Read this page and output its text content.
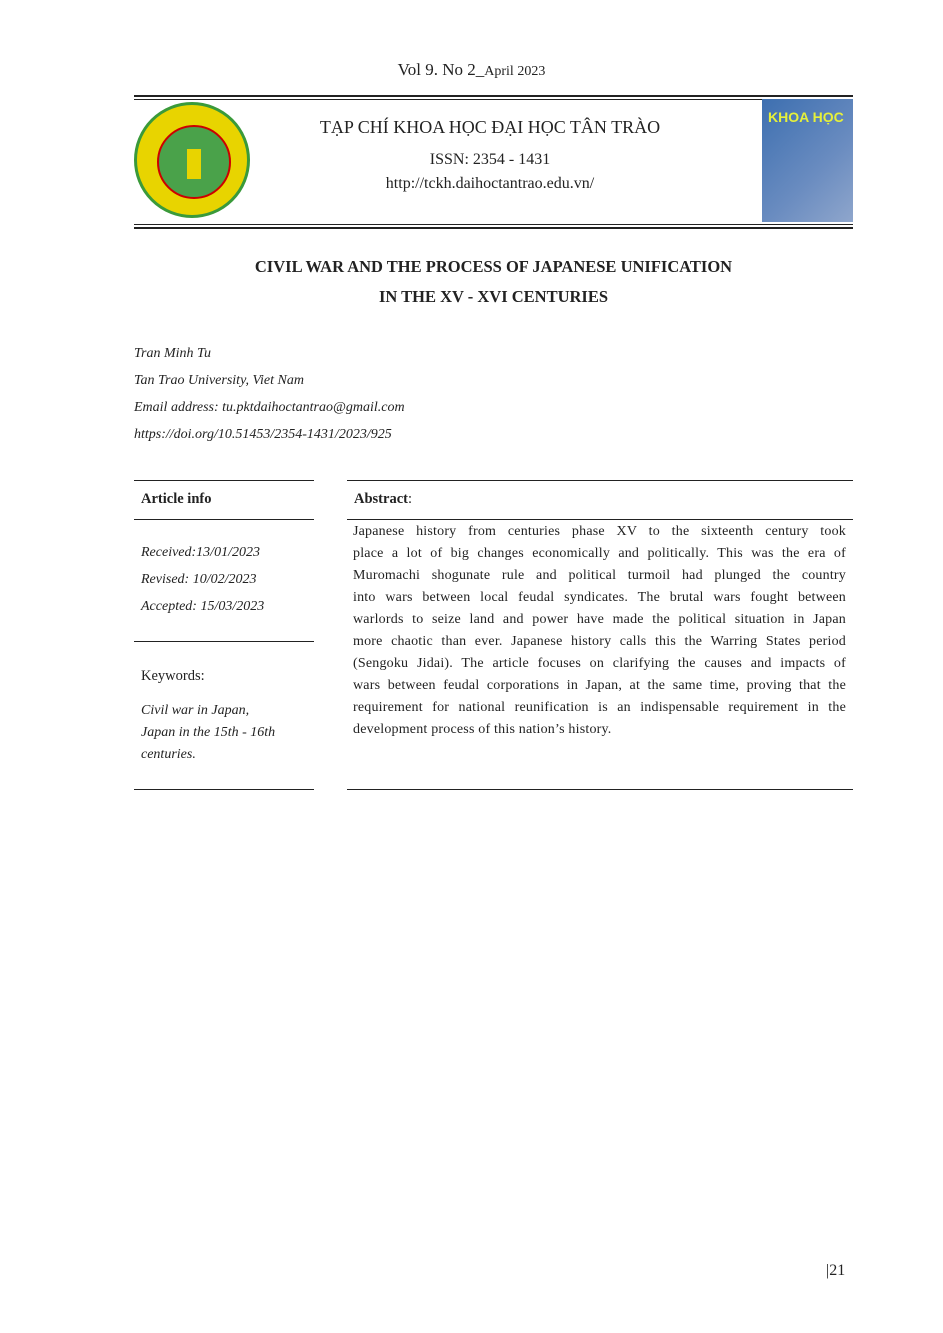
Vol 9. No 2_April 2023
TẠP CHÍ KHOA HỌC ĐẠI HỌC TÂN TRÀO
ISSN: 2354 - 1431
http://tckh.daihoctantrao.edu.vn/
KHOA HỌC
CIVIL WAR AND THE PROCESS OF JAPANESE UNIFICATION
IN THE XV - XVI CENTURIES
Tran Minh Tu
Tan Trao University, Viet Nam
Email address: tu.pktdaihoctantrao@gmail.com
https://doi.org/10.51453/2354-1431/2023/925
Article info	Abstract:
Received:13/01/2023
Revised: 10/02/2023
Accepted: 15/03/2023
Keywords:
Civil war in Japan,
Japan in the 15th - 16th
centuries.
Japanese history from centuries phase XV to the sixteenth century took
place a lot of big changes economically and politically. This was the era of
Muromachi shogunate rule and political turmoil had plunged the country
into wars between local feudal syndicates. The brutal wars fought between
warlords to seize land and power have made the political situation in Japan
more chaotic than ever. Japanese history calls this the Warring States period
(Sengoku Jidai). The article focuses on clarifying the causes and impacts of
wars between feudal corporations in Japan, at the same time, proving that the
requirement for national reunification is an indispensable requirement in the
development process of this nation’s history.
|21
